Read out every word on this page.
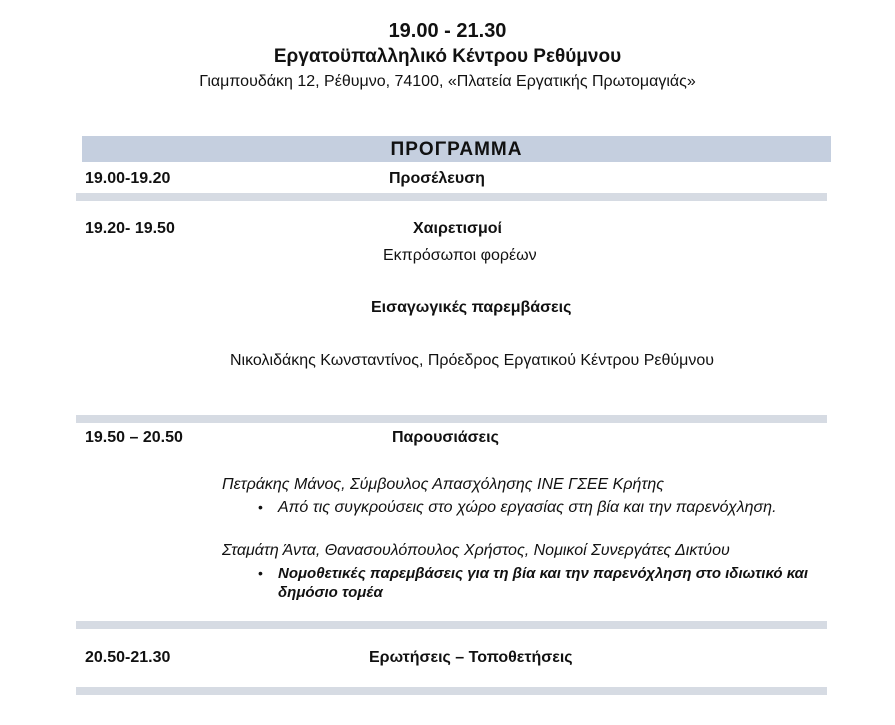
19.00 - 21.30
Εργατοϋπαλληλικό Κέντρου Ρεθύμνου
Γιαμπουδάκη 12, Ρέθυμνο, 74100, «Πλατεία Εργατικής Πρωτομαγιάς»
ΠΡΟΓΡΑΜΜΑ
19.00-19.20	Προσέλευση
19.20- 19.50	Χαιρετισμοί
Εκπρόσωποι φορέων
Εισαγωγικές παρεμβάσεις
Νικολιδάκης Κωνσταντίνος, Πρόεδρος Εργατικού Κέντρου Ρεθύμνου
19.50 – 20.50	Παρουσιάσεις
Πετράκης Μάνος, Σύμβουλος Απασχόλησης ΙΝΕ ΓΣΕΕ Κρήτης
• Από τις συγκρούσεις στο χώρο εργασίας στη βία και την παρενόχληση.
Σταμάτη Άντα, Θανασουλόπουλος Χρήστος, Νομικοί Συνεργάτες Δικτύου
• Νομοθετικές παρεμβάσεις για τη βία και την παρενόχληση στο ιδιωτικό και
δημόσιο τομέα
20.50-21.30	Ερωτήσεις – Τοποθετήσεις
